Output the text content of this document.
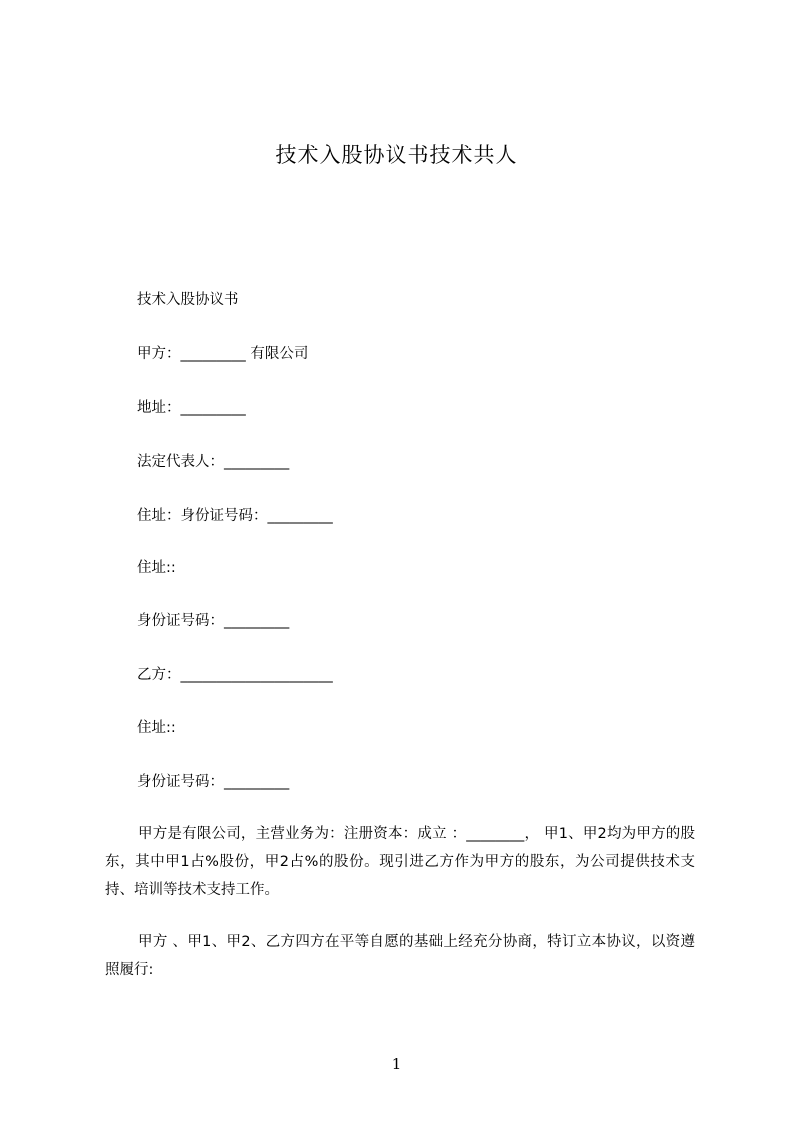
技术入股协议书技术共人
技术入股协议书
甲方：_________ 有限公司
地址：_________
法定代表人：_________
住址：身份证号码：_________
住址::
身份证号码：_________
乙方：_____________________
住址::
身份证号码：_________
甲方是有限公司，主营业务为：注册资本：成立 ：________， 甲1、甲2均为甲方的股东，其中甲1占%股份，甲2占%的股份。现引进乙方作为甲方的股东，为公司提供技术支持、培训等技术支持工作。
甲方 、甲1、甲2、乙方四方在平等自愿的基础上经充分协商，特订立本协议，以资遵照履行:
1
